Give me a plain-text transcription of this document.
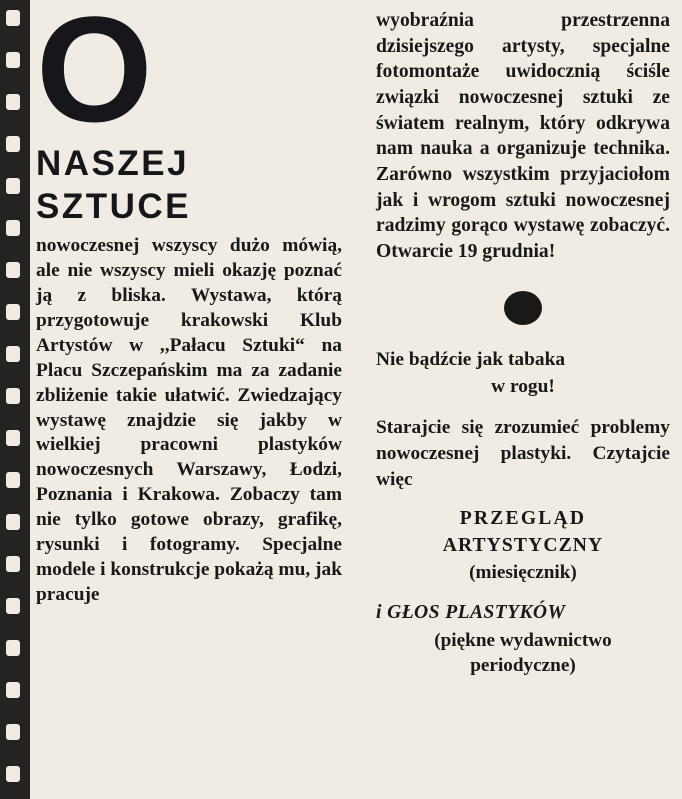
O
NASZEJ
SZTUCE

nowoczesnej wszyscy dużo mówią, ale nie wszyscy mieli okazję poznać ją z bliska. Wystawa, którą przygotowuje krakowski Klub Artystów w ,,Pałacu Sztuki“ na Placu Szczepańskim ma za zadanie zbliżenie takie ułatwić. Zwiedzający wystawę znajdzie się jakby w wielkiej pracowni plastyków nowoczesnych Warszawy, Łodzi, Poznania i Krakowa. Zobaczy tam nie tylko gotowe obrazy, grafikę, rysunki i fotogramy. Specjalne modele i konstrukcje pokażą mu, jak pracuje

wyobraźnia przestrzenna dzisiejszego artysty, specjalne fotomontaże uwidocznią ściśle związki nowoczesnej sztuki ze światem realnym, który odkrywa nam nauka a organizuje technika. Zarówno wszystkim przyjaciołom jak i wrogom sztuki nowoczesnej radzimy gorąco wystawę zobaczyć. Otwarcie 19 grudnia!

Nie bądźcie jak tabaka

w rogu!

Starajcie się zrozumieć problemy nowoczesnej plastyki. Czytajcie więc

PRZEGLĄD

ARTYSTYCZNY

(miesięcznik)

i GŁOS PLASTYKÓW

(piękne wydawnictwo

periodyczne)
